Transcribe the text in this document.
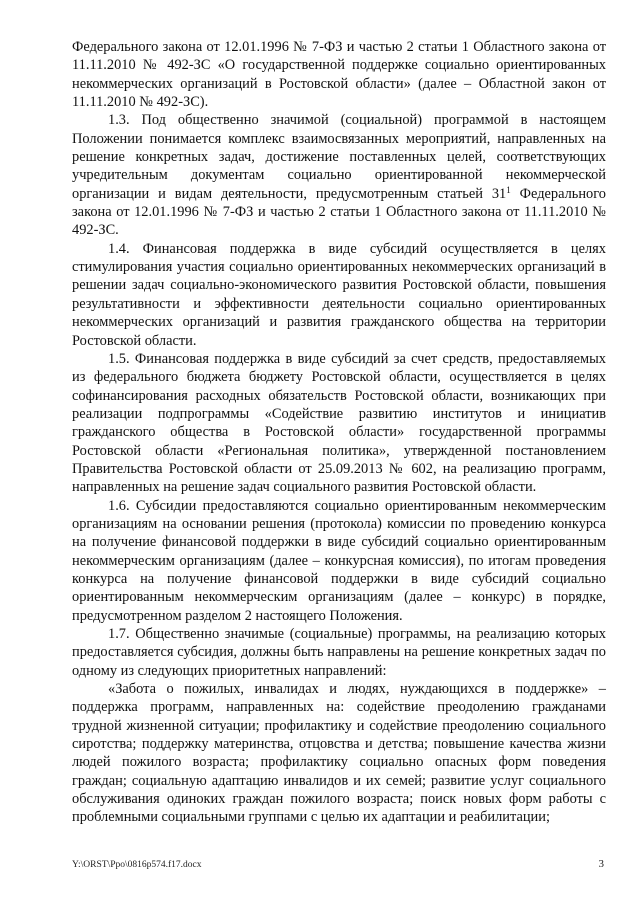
Федерального закона от 12.01.1996 № 7-ФЗ и частью 2 статьи 1 Областного закона от 11.11.2010 № 492-ЗС «О государственной поддержке социально ориентированных некоммерческих организаций в Ростовской области» (далее – Областной закон от 11.11.2010 № 492-ЗС).

1.3. Под общественно значимой (социальной) программой в настоящем Положении понимается комплекс взаимосвязанных мероприятий, направленных на решение конкретных задач, достижение поставленных целей, соответствующих учредительным документам социально ориентированной некоммерческой организации и видам деятельности, предусмотренным статьей $31^1$ Федерального закона от 12.01.1996 № 7-ФЗ и частью 2 статьи 1 Областного закона от 11.11.2010 № 492-ЗС.

1.4. Финансовая поддержка в виде субсидий осуществляется в целях стимулирования участия социально ориентированных некоммерческих организаций в решении задач социально-экономического развития Ростовской области, повышения результативности и эффективности деятельности социально ориентированных некоммерческих организаций и развития гражданского общества на территории Ростовской области.

1.5. Финансовая поддержка в виде субсидий за счет средств, предоставляемых из федерального бюджета бюджету Ростовской области, осуществляется в целях софинансирования расходных обязательств Ростовской области, возникающих при реализации подпрограммы «Содействие развитию институтов и инициатив гражданского общества в Ростовской области» государственной программы Ростовской области «Региональная политика», утвержденной постановлением Правительства Ростовской области от 25.09.2013 № 602, на реализацию программ, направленных на решение задач социального развития Ростовской области.

1.6. Субсидии предоставляются социально ориентированным некоммерческим организациям на основании решения (протокола) комиссии по проведению конкурса на получение финансовой поддержки в виде субсидий социально ориентированным некоммерческим организациям (далее – конкурсная комиссия), по итогам проведения конкурса на получение финансовой поддержки в виде субсидий социально ориентированным некоммерческим организациям (далее – конкурс) в порядке, предусмотренном разделом 2 настоящего Положения.

1.7. Общественно значимые (социальные) программы, на реализацию которых предоставляется субсидия, должны быть направлены на решение конкретных задач по одному из следующих приоритетных направлений:

«Забота о пожилых, инвалидах и людях, нуждающихся в поддержке» – поддержка программ, направленных на: содействие преодолению гражданами трудной жизненной ситуации; профилактику и содействие преодолению социального сиротства; поддержку материнства, отцовства и детства; повышение качества жизни людей пожилого возраста; профилактику социально опасных форм поведения граждан; социальную адаптацию инвалидов и их семей; развитие услуг социального обслуживания одиноких граждан пожилого возраста; поиск новых форм работы с проблемными социальными группами с целью их адаптации и реабилитации;

Y:\ORST\Ppo\0816p574.f17.docx	3
